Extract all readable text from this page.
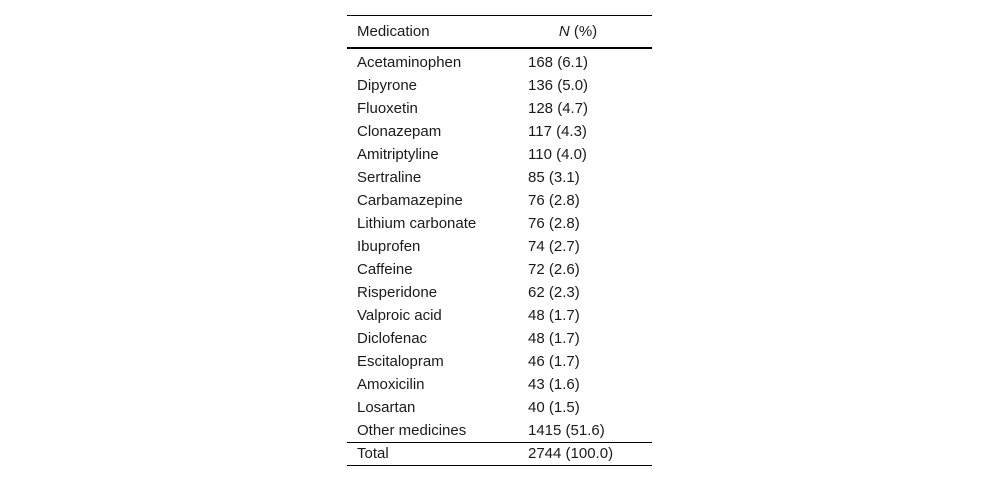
Medication	N (%)
Acetaminophen	168 (6.1)
Dipyrone	136 (5.0)
Fluoxetin	128 (4.7)
Clonazepam	117 (4.3)
Amitriptyline	110 (4.0)
Sertraline	85 (3.1)
Carbamazepine	76 (2.8)
Lithium carbonate	76 (2.8)
Ibuprofen	74 (2.7)
Caffeine	72 (2.6)
Risperidone	62 (2.3)
Valproic acid	48 (1.7)
Diclofenac	48 (1.7)
Escitalopram	46 (1.7)
Amoxicilin	43 (1.6)
Losartan	40 (1.5)
Other medicines	1415 (51.6)
Total	2744 (100.0)
